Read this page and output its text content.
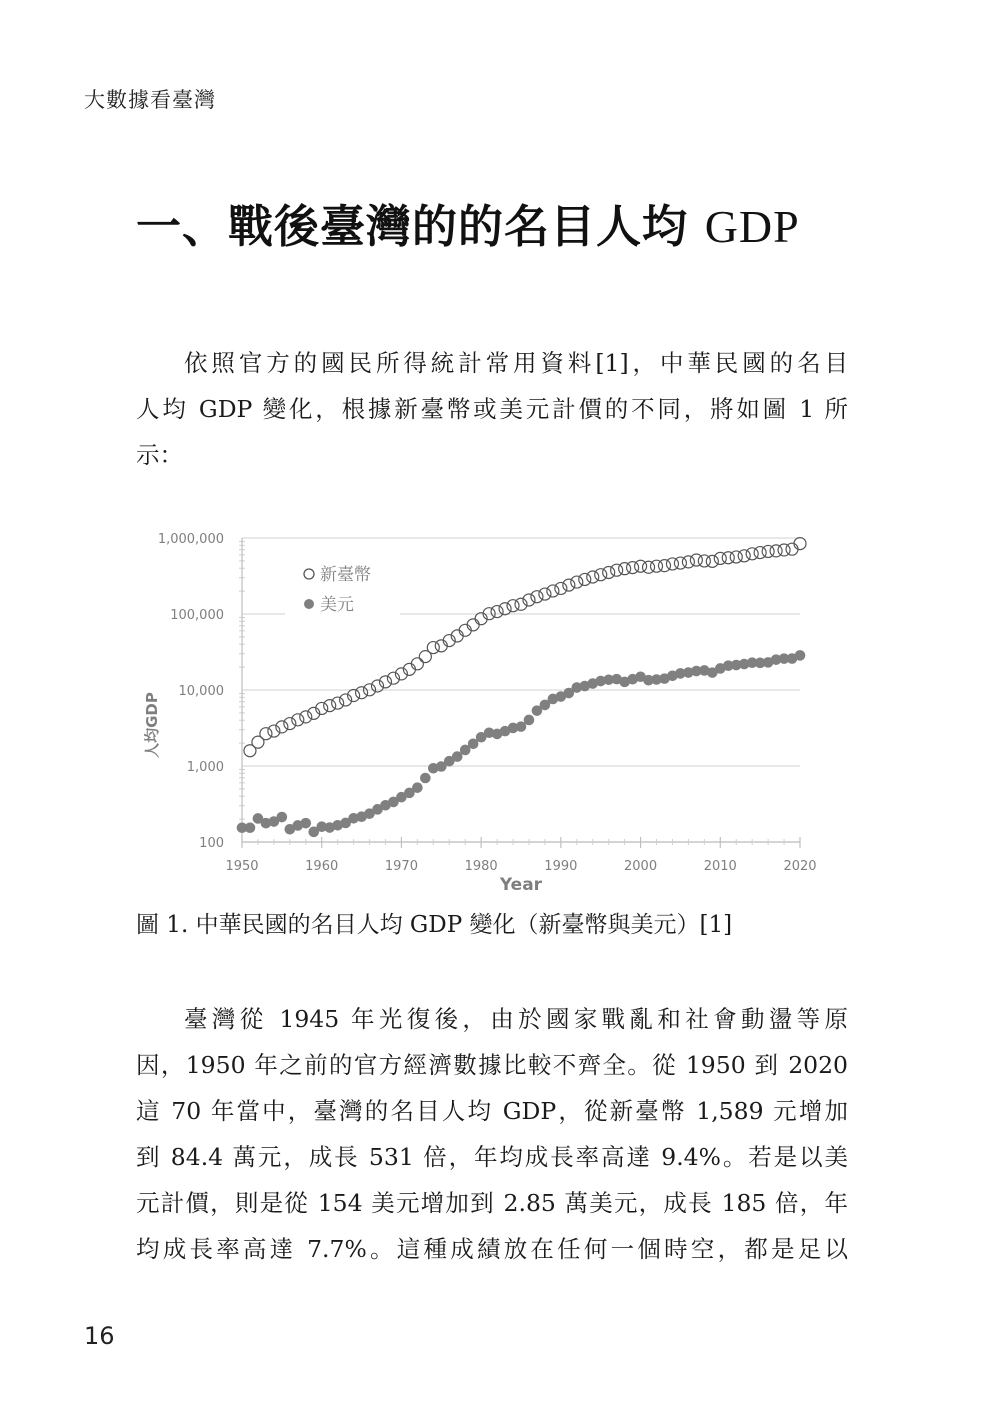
大數據看臺灣
一、戰後臺灣的的名目人均 GDP
依照官方的國民所得統計常用資料[1]，中華民國的名目
人均 GDP 變化，根據新臺幣或美元計價的不同，將如圖 1 所
示：
100
1,000
10,000
100,000
1,000,000
1950	1960	1970	1980	1990	2000	2010	2020
人均GDP
Year
新臺幣
美元
圖 1. 中華民國的名目人均 GDP 變化（新臺幣與美元）[1]
臺灣從 1945 年光復後，由於國家戰亂和社會動盪等原
因，1950 年之前的官方經濟數據比較不齊全。從 1950 到 2020
這 70 年當中，臺灣的名目人均 GDP，從新臺幣 1,589 元增加
到 84.4 萬元，成長 531 倍，年均成長率高達 9.4%。若是以美
元計價，則是從 154 美元增加到 2.85 萬美元，成長 185 倍，年
均成長率高達 7.7%。這種成績放在任何一個時空，都是足以
16
